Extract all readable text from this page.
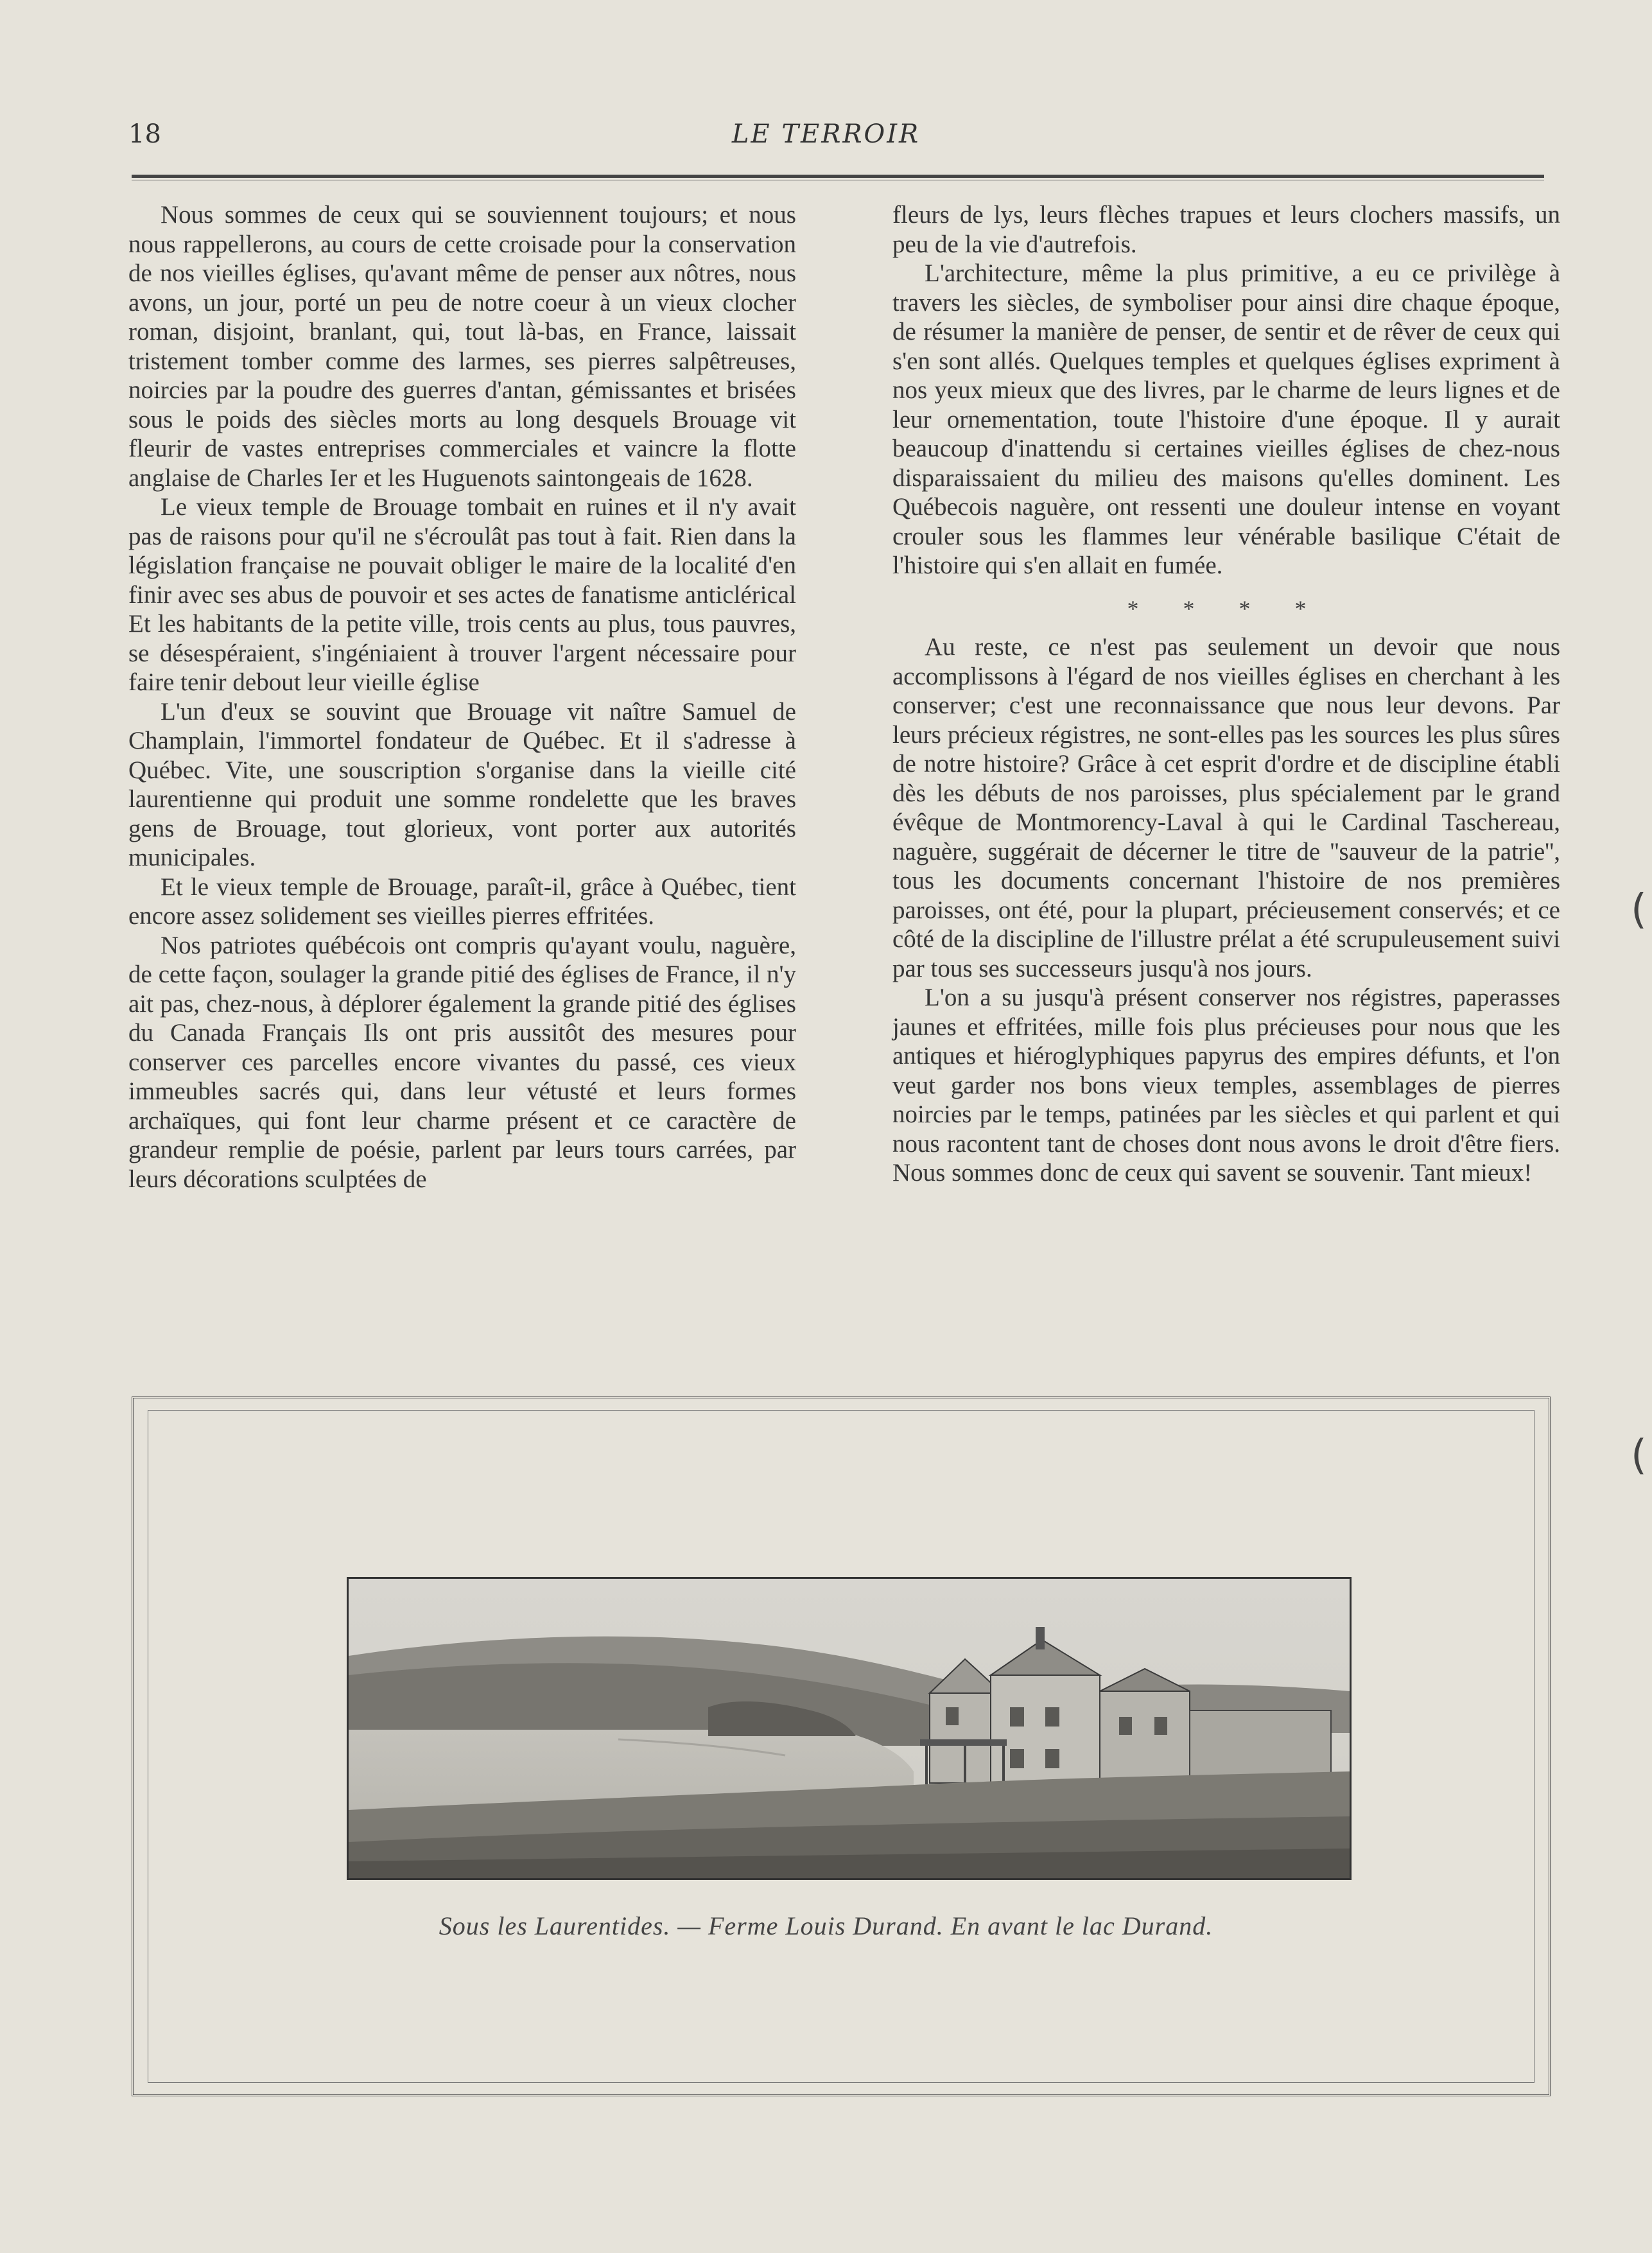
18	LE TERROIR

Nous sommes de ceux qui se souviennent toujours; et nous nous rappellerons, au cours de cette croisade pour la conservation de nos vieilles églises, qu'avant même de penser aux nôtres, nous avons, un jour, porté un peu de notre coeur à un vieux clocher roman, disjoint, branlant, qui, tout là-bas, en France, laissait tristement tomber comme des larmes, ses pierres salpêtreuses, noircies par la poudre des guerres d'antan, gémissantes et brisées sous le poids des siècles morts au long desquels Brouage vit fleurir de vastes entreprises commerciales et vaincre la flotte anglaise de Charles Ier et les Huguenots saintongeais de 1628.

Le vieux temple de Brouage tombait en ruines et il n'y avait pas de raisons pour qu'il ne s'écroulât pas tout à fait. Rien dans la législation française ne pouvait obliger le maire de la localité d'en finir avec ses abus de pouvoir et ses actes de fanatisme anticlérical Et les habitants de la petite ville, trois cents au plus, tous pauvres, se désespéraient, s'ingéniaient à trouver l'argent nécessaire pour faire tenir debout leur vieille église

L'un d'eux se souvint que Brouage vit naître Samuel de Champlain, l'immortel fondateur de Québec. Et il s'adresse à Québec. Vite, une souscription s'organise dans la vieille cité laurentienne qui produit une somme rondelette que les braves gens de Brouage, tout glorieux, vont porter aux autorités municipales.

Et le vieux temple de Brouage, paraît-il, grâce à Québec, tient encore assez solidement ses vieilles pierres effritées.

Nos patriotes québécois ont compris qu'ayant voulu, naguère, de cette façon, soulager la grande pitié des églises de France, il n'y ait pas, chez-nous, à déplorer également la grande pitié des églises du Canada Français Ils ont pris aussitôt des mesures pour conserver ces parcelles encore vivantes du passé, ces vieux immeubles sacrés qui, dans leur vétusté et leurs formes archaïques, qui font leur charme présent et ce caractère de grandeur remplie de poésie, parlent par leurs tours carrées, par leurs décorations sculptées de

fleurs de lys, leurs flèches trapues et leurs clochers massifs, un peu de la vie d'autrefois.

L'architecture, même la plus primitive, a eu ce privilège à travers les siècles, de symboliser pour ainsi dire chaque époque, de résumer la manière de penser, de sentir et de rêver de ceux qui s'en sont allés. Quelques temples et quelques églises expriment à nos yeux mieux que des livres, par le charme de leurs lignes et de leur ornementation, toute l'histoire d'une époque. Il y aurait beaucoup d'inattendu si certaines vieilles églises de chez-nous disparaissaient du milieu des maisons qu'elles dominent. Les Québecois naguère, ont ressenti une douleur intense en voyant crouler sous les flammes leur vénérable basilique C'était de l'histoire qui s'en allait en fumée.

* * * *

Au reste, ce n'est pas seulement un devoir que nous accomplissons à l'égard de nos vieilles églises en cherchant à les conserver; c'est une reconnaissance que nous leur devons. Par leurs précieux régistres, ne sont-elles pas les sources les plus sûres de notre histoire? Grâce à cet esprit d'ordre et de discipline établi dès les débuts de nos paroisses, plus spécialement par le grand évêque de Montmorency-Laval à qui le Cardinal Taschereau, naguère, suggérait de décerner le titre de ''sauveur de la patrie'', tous les documents concernant l'histoire de nos premières paroisses, ont été, pour la plupart, précieusement conservés; et ce côté de la discipline de l'illustre prélat a été scrupuleusement suivi par tous ses successeurs jusqu'à nos jours.

L'on a su jusqu'à présent conserver nos régistres, paperasses jaunes et effritées, mille fois plus précieuses pour nous que les antiques et hiéroglyphiques papyrus des empires défunts, et l'on veut garder nos bons vieux temples, assemblages de pierres noircies par le temps, patinées par les siècles et qui parlent et qui nous racontent tant de choses dont nous avons le droit d'être fiers. Nous sommes donc de ceux qui savent se souvenir. Tant mieux!

Sous les Laurentides. — Ferme Louis Durand. En avant le lac Durand.
(
(
